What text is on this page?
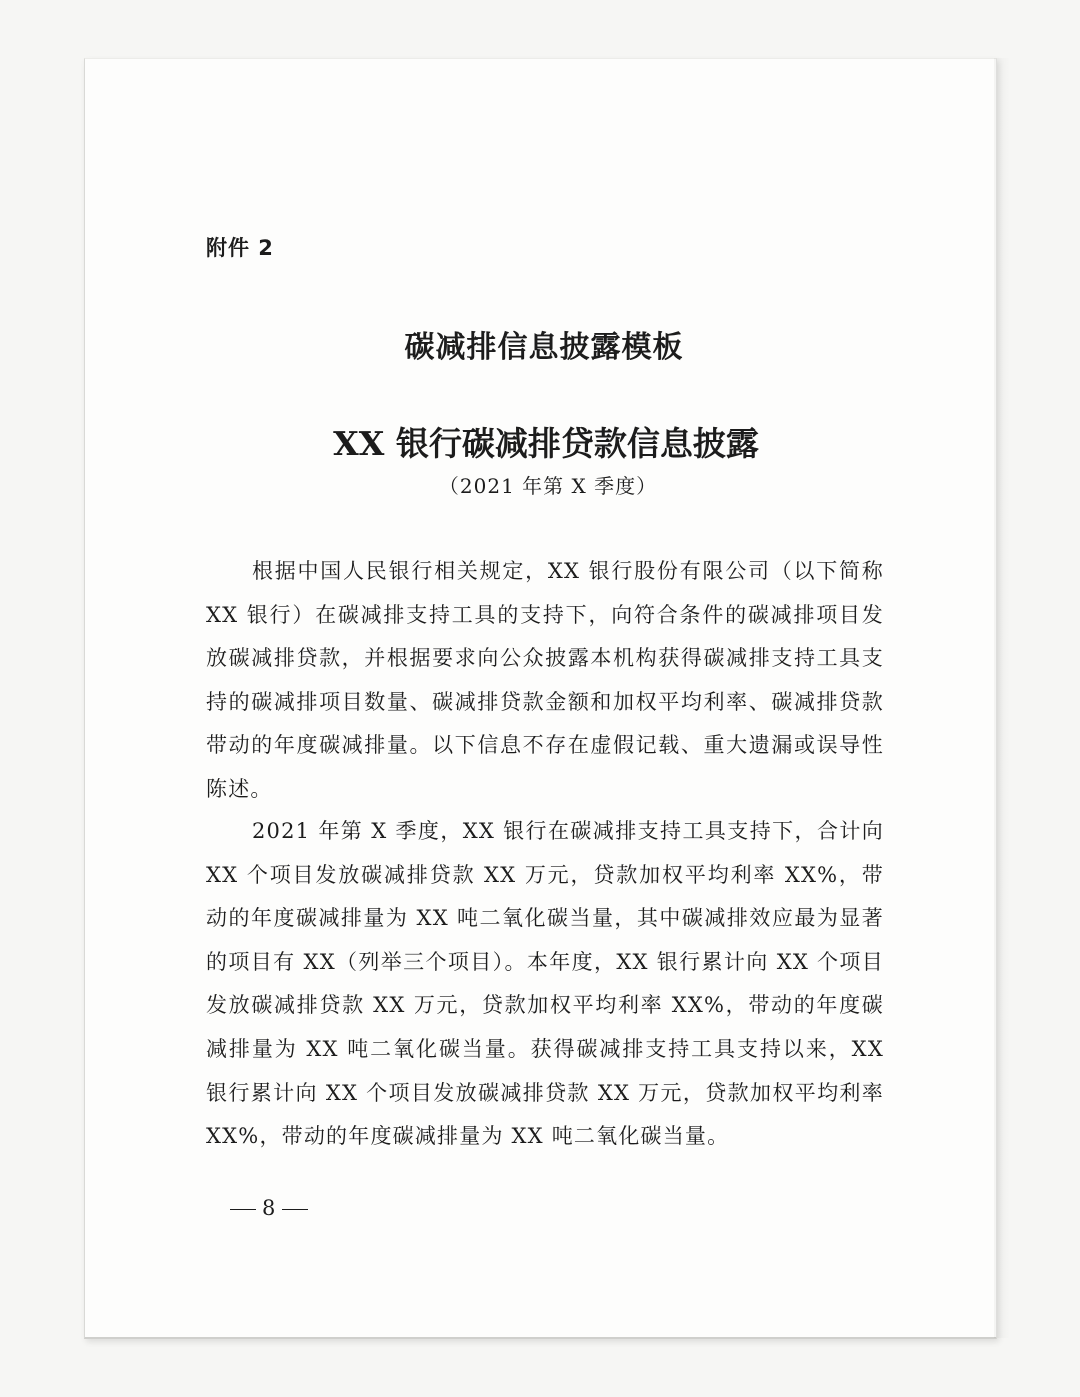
附件 2
碳减排信息披露模板
XX 银行碳减排贷款信息披露
（2021 年第 X 季度）

根据中国人民银行相关规定，XX 银行股份有限公司（以下简称 XX 银行）在碳减排支持工具的支持下，向符合条件的碳减排项目发放碳减排贷款，并根据要求向公众披露本机构获得碳减排支持工具支持的碳减排项目数量、碳减排贷款金额和加权平均利率、碳减排贷款带动的年度碳减排量。以下信息不存在虚假记载、重大遗漏或误导性陈述。

2021 年第 X 季度，XX 银行在碳减排支持工具支持下，合计向 XX 个项目发放碳减排贷款 XX 万元，贷款加权平均利率 XX%，带动的年度碳减排量为 XX 吨二氧化碳当量，其中碳减排效应最为显著的项目有 XX（列举三个项目）。本年度，XX 银行累计向 XX 个项目发放碳减排贷款 XX 万元，贷款加权平均利率 XX%，带动的年度碳减排量为 XX 吨二氧化碳当量。获得碳减排支持工具支持以来，XX 银行累计向 XX 个项目发放碳减排贷款 XX 万元，贷款加权平均利率 XX%，带动的年度碳减排量为 XX 吨二氧化碳当量。

8
